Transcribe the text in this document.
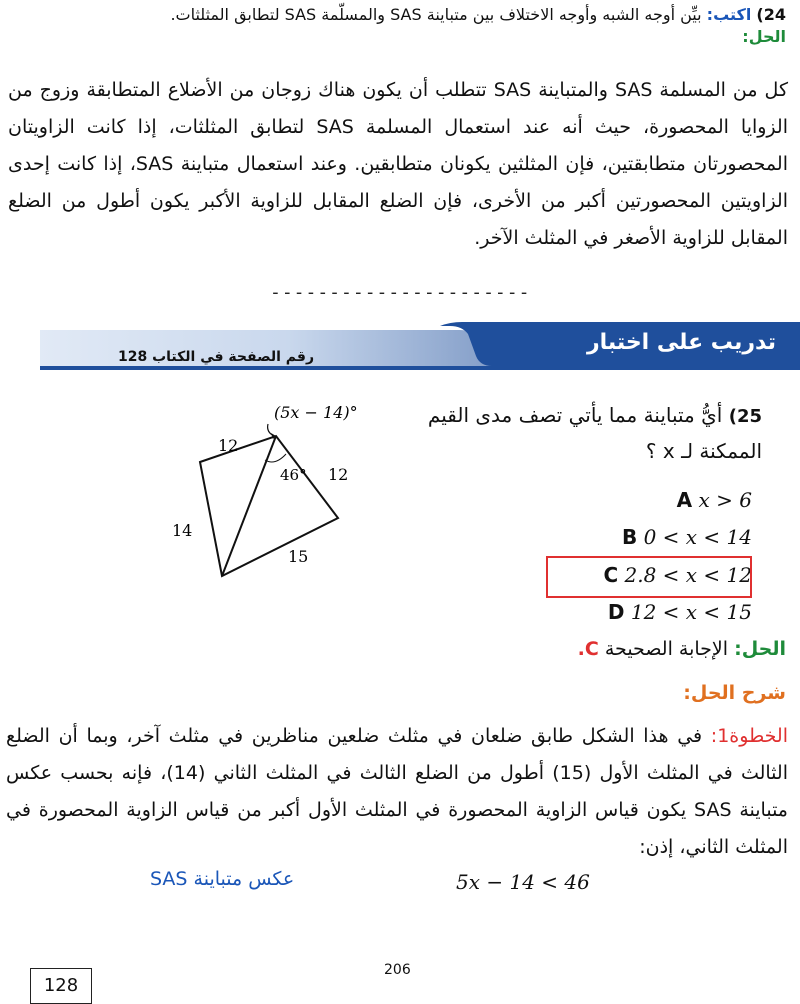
24) اكتب: بيِّن أوجه الشبه وأوجه الاختلاف بين متباينة SAS والمسلّمة SAS لتطابق المثلثات.
الحل:
كل من المسلمة SAS والمتباينة SAS تتطلب أن يكون هناك زوجان من الأضلاع المتطابقة وزوج من الزوايا المحصورة، حيث أنه عند استعمال المسلمة SAS لتطابق المثلثات، إذا كانت الزاويتان المحصورتان متطابقتين، فإن المثلثين يكونان متطابقين. وعند استعمال متباينة SAS، إذا كانت إحدى الزاويتين المحصورتين أكبر من الأخرى، فإن الضلع المقابل للزاوية الأكبر يكون أطول من الضلع المقابل للزاوية الأصغر في المثلث الآخر.
----------------------
تدريب على اختبار
رقم الصفحة في الكتاب 128
25) أيُّ متباينة مما يأتي تصف مدى القيم الممكنة لـ x ؟
A x > 6
B 0 < x < 14
C 2.8 < x < 12
D 12 < x < 15
(5x − 14)°
46°
12
12
14
15
الحل: الإجابة الصحيحة C.
شرح الحل:
الخطوة1: في هذا الشكل طابق ضلعان في مثلث ضلعين مناظرين في مثلث آخر، وبما أن الضلع الثالث في المثلث الأول (15) أطول من الضلع الثالث في المثلث الثاني (14)، فإنه بحسب عكس متباينة SAS يكون قياس الزاوية المحصورة في المثلث الأول أكبر من قياس الزاوية المحصورة في المثلث الثاني، إذن:
5x − 14 < 46
عكس متباينة SAS
206
128
